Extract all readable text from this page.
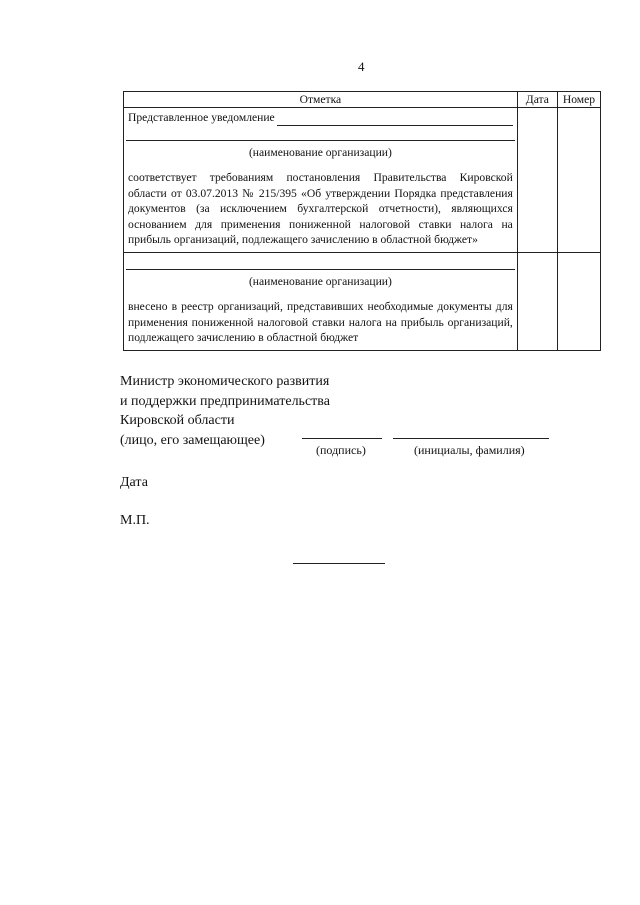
4
Отметка	Дата	Номер

Представленное уведомление
(наименование организации)
соответствует требованиям постановления Правительства Кировской области от 03.07.2013 № 215/395 «Об утверждении Порядка представления документов (за исключением бухгалтерской отчетности), являющихся основанием для применения пониженной налоговой ставки налога на прибыль организаций, подлежащего зачислению в областной бюджет»		

(наименование организации)
внесено в реестр организаций, представивших необходимые документы для применения пониженной налоговой ставки налога на прибыль организаций, подлежащего зачислению в областной бюджет		

Министр экономического развития
и поддержки предпринимательства
Кировской области
(лицо, его замещающее)
(подпись)	(инициалы, фамилия)
Дата
М.П.
